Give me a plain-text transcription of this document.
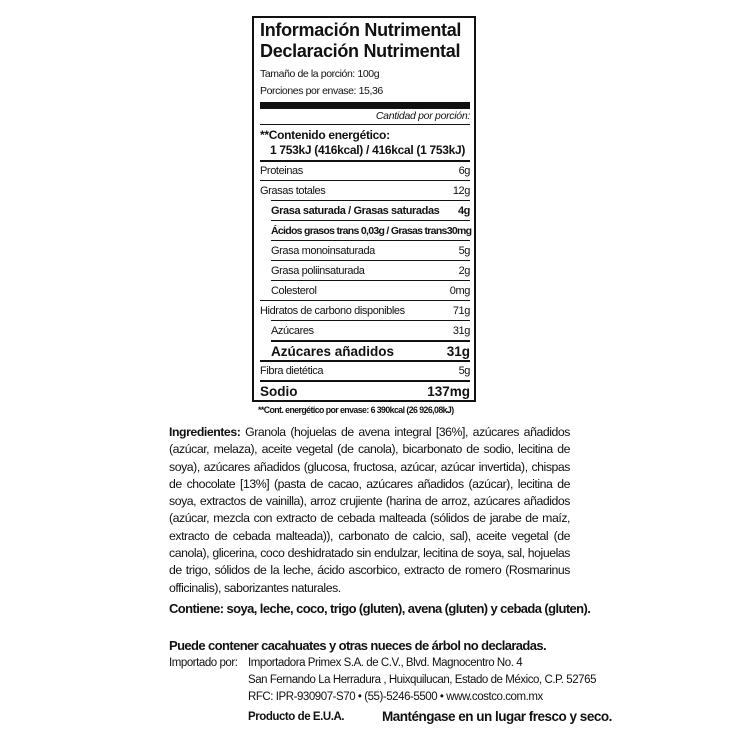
Información Nutrimental
Declaración Nutrimental
Tamaño de la porción: 100g
Porciones por envase: 15,36
Cantidad por porción:
**Contenido energético:
1 753kJ (416kcal) / 416kcal (1 753kJ)
Proteinas	6g
Grasas totales	12g
Grasa saturada / Grasas saturadas 4g
Ácidos grasos trans 0,03g / Grasas trans 30mg
Grasa monoinsaturada	5g
Grasa poliinsaturada	2g
Colesterol	0mg
Hidratos de carbono disponibles	71g
Azúcares	31g
Azúcares añadidos	31g
Fibra dietética	5g
Sodio	137mg
**Cont. energético por envase: 6 390kcal (26 926,08kJ)
Ingredientes: Granola (hojuelas de avena integral [36%], azúcares añadidos (azúcar, melaza), aceite vegetal (de canola), bicarbonato de sodio, lecitina de soya), azúcares añadidos (glucosa, fructosa, azúcar, azúcar invertida), chispas de chocolate [13%] (pasta de cacao, azúcares añadidos (azúcar), lecitina de soya, extractos de vainilla), arroz crujiente (harina de arroz, azúcares añadidos (azúcar, mezcla con extracto de cebada malteada (sólidos de jarabe de maíz, extracto de cebada malteada)), carbonato de calcio, sal), aceite vegetal (de canola), glicerina, coco deshidratado sin endulzar, lecitina de soya, sal, hojuelas de trigo, sólidos de la leche, ácido ascorbico, extracto de romero (Rosmarinus officinalis), saborizantes naturales.
Contiene: soya, leche, coco, trigo (gluten), avena (gluten) y cebada (gluten).
Puede contener cacahuates y otras nueces de árbol no declaradas.
Importado por: Importadora Primex S.A. de C.V., Blvd. Magnocentro No. 4
San Fernando La Herradura , Huixquilucan, Estado de México, C.P. 52765
RFC: IPR-930907-S70 • (55)-5246-5500 • www.costco.com.mx
Producto de E.U.A.	Manténgase en un lugar fresco y seco.
